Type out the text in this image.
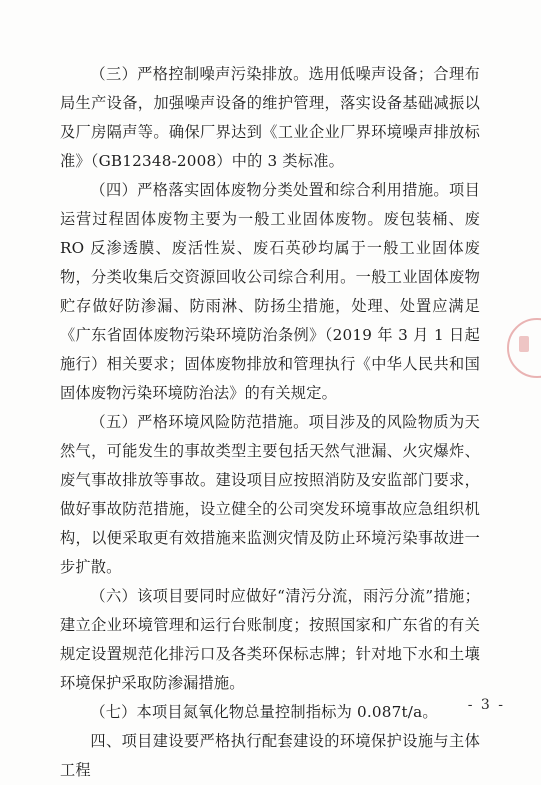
（三）严格控制噪声污染排放。选用低噪声设备；合理布局生产设备，加强噪声设备的维护管理，落实设备基础减振以及厂房隔声等。确保厂界达到《工业企业厂界环境噪声排放标准》（GB12348-2008）中的 3 类标准。

（四）严格落实固体废物分类处置和综合利用措施。项目运营过程固体废物主要为一般工业固体废物。废包装桶、废 RO 反渗透膜、废活性炭、废石英砂均属于一般工业固体废物，分类收集后交资源回收公司综合利用。一般工业固体废物贮存做好防渗漏、防雨淋、防扬尘措施，处理、处置应满足《广东省固体废物污染环境防治条例》（2019 年 3 月 1 日起施行）相关要求；固体废物排放和管理执行《中华人民共和国固体废物污染环境防治法》的有关规定。

（五）严格环境风险防范措施。项目涉及的风险物质为天然气，可能发生的事故类型主要包括天然气泄漏、火灾爆炸、废气事故排放等事故。建设项目应按照消防及安监部门要求，做好事故防范措施，设立健全的公司突发环境事故应急组织机构，以便采取更有效措施来监测灾情及防止环境污染事故进一步扩散。

（六）该项目要同时应做好“清污分流，雨污分流”措施；建立企业环境管理和运行台账制度；按照国家和广东省的有关规定设置规范化排污口及各类环保标志牌；针对地下水和土壤环境保护采取防渗漏措施。

（七）本项目氮氧化物总量控制指标为 0.087t/a。

四、项目建设要严格执行配套建设的环境保护设施与主体工程

- 3 -
